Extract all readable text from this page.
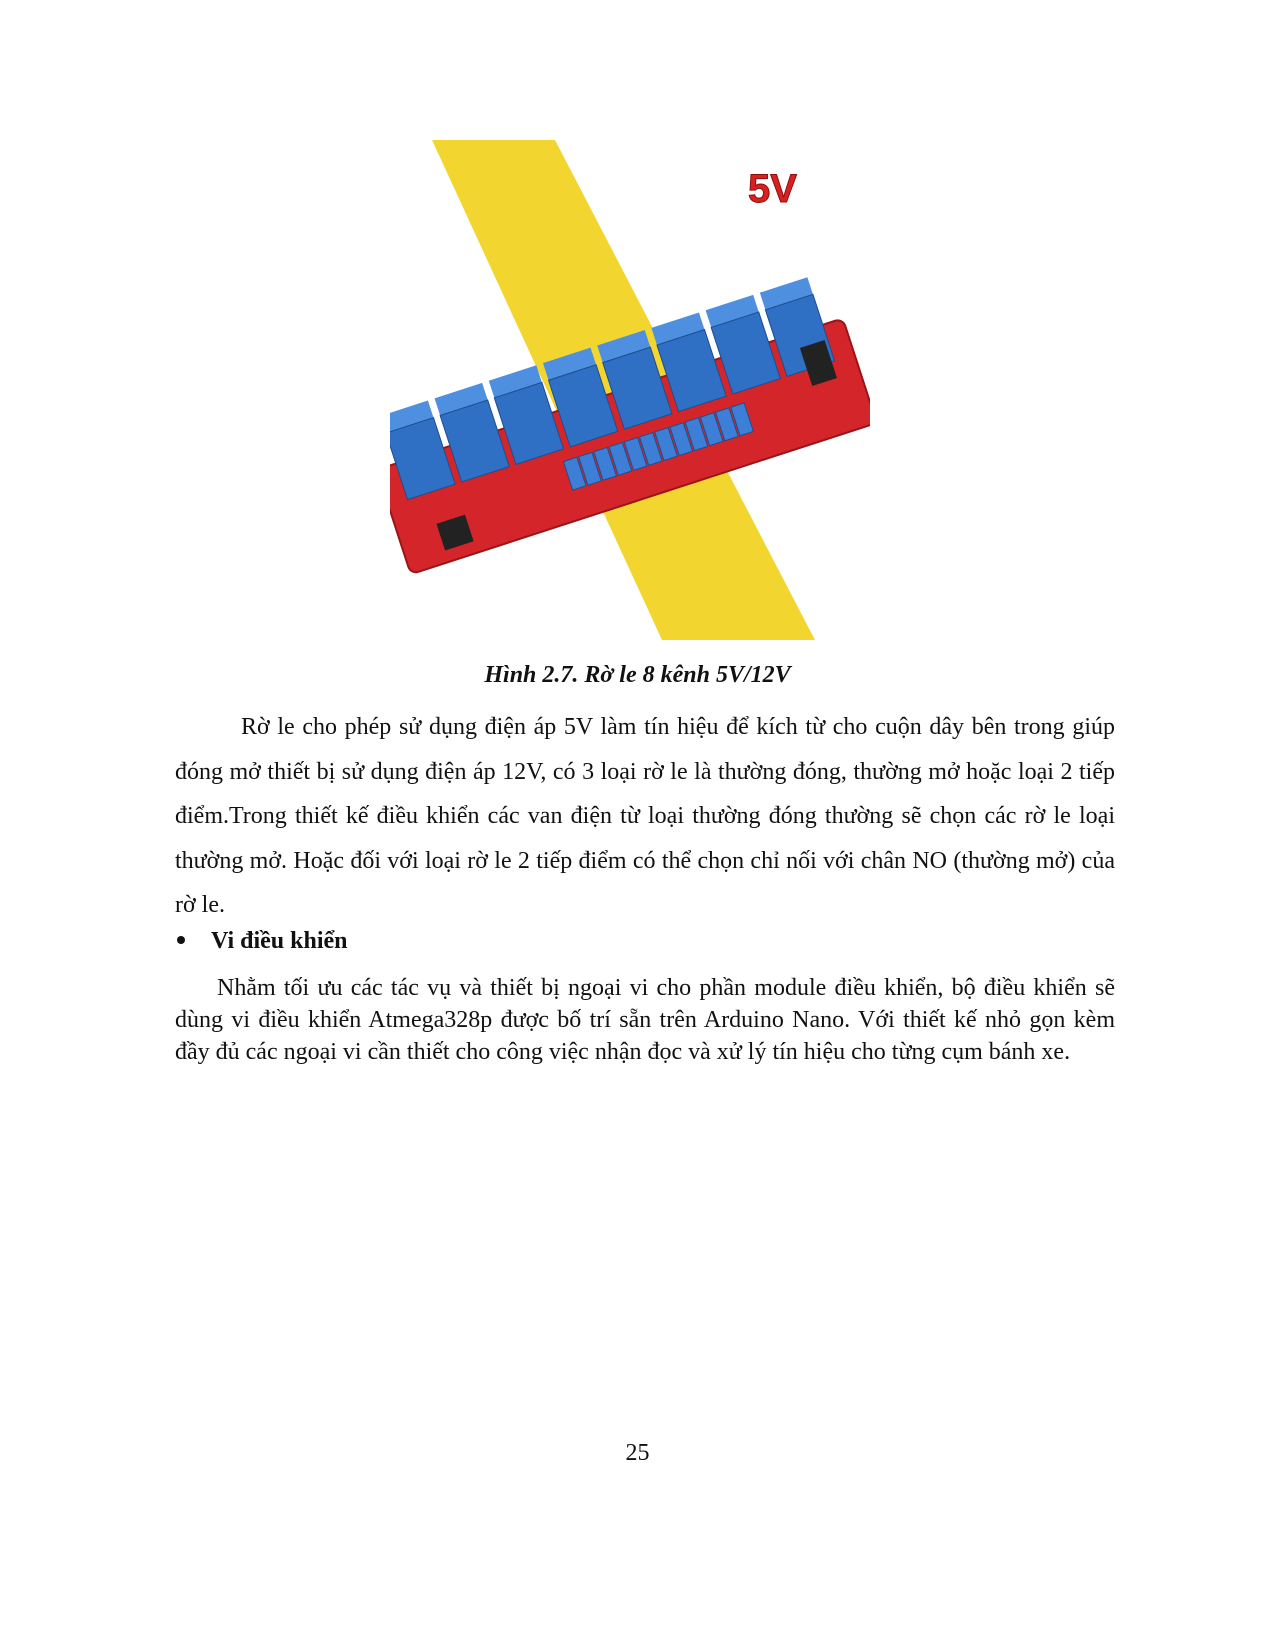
5V
Hình 2.7. Rờ le 8 kênh 5V/12V

Rờ le cho phép sử dụng điện áp 5V làm tín hiệu để kích từ cho cuộn dây bên trong giúp đóng mở thiết bị sử dụng điện áp 12V, có 3 loại rờ le là thường đóng, thường mở hoặc loại 2 tiếp điểm.Trong thiết kế điều khiển các van điện từ loại thường đóng thường sẽ chọn các rờ le loại thường mở. Hoặc đối với loại rờ le 2 tiếp điểm có thể chọn chỉ nối với chân NO (thường mở) của rờ le.

Vi điều khiển

Nhằm tối ưu các tác vụ và thiết bị ngoại vi cho phần module điều khiển, bộ điều khiển sẽ dùng vi điều khiển Atmega328p được bố trí sẵn trên Arduino Nano. Với thiết kế nhỏ gọn kèm đầy đủ các ngoại vi cần thiết cho công việc nhận đọc và xử lý tín hiệu cho từng cụm bánh xe.

25
